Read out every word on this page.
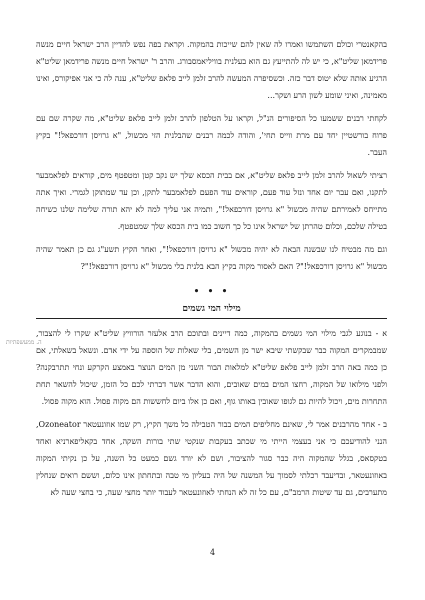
בהקאנטרי וכולם השתמשו ואמרו לה שאין להם שייכות בהמקוה. וקראת בפה נפש להדיין הרב ישראל חיים מנשה פרידמאן שליט"א, כי יש לה להתייעץ גם הוא בעלנית בוויליאמסבורג. והרב ר' ישראל חיים מנשה פרידמאן שליט"א הרגיע אותה שלא יטוס דבר כזה. וכשסיפרה המעשה להרב זלמן לייב פלאפ שליט"א, ענה לה כי אני אפיקורס, ואינו מאמינה, ואיני שומע לשון הרע ושקר...

לקחתי רבנים ששמעו כל הסיפורים הנ"ל, וקראו על הטלפון להרב זלמן לייב פלאפ שליט"א, מה שקרה שם עם פרוח בורשטיין יחד עם מרת ווייס תחי', והודה לכמה רבנים שהבלנית הזי מכשול, "א גרויסן דורכפאל!" בקיץ העבר.

רציתי לשאול להרב זלמן לייב פלאפ שליט"א, אם בבית הכסא שלך יש נקב קטן ומטפטף מים, קוראים לפלאמבער לתקנו, ואם עבר יום אחד ונזל עוד פעם, קוראים עוד הפעם לפלאמבער לתקן, וכן עד שמתוקן לגמרי. ואיך אתה מתייחס לאמירתם שהיה מכשול "א גרויסן דורכפאל!", ותמיה אני עליך למה לא יהא תורה שלימה שלנו כשיחה בטילה שלכם, וכלום טהרתן של ישראל אינו כל כך חשוב כמו בית הכסא שלך שמטפטף.

וגם מה מבטיח לנו שבשנה הבאה לא יהיה מכשול "א גרויסן דורכפאל!", ואחר הקיץ תשע"ג גם כן תאמר שהיה מכשול "א גרויסן דורכפאל!"? האם לאסור מקוה בקיץ הבא בלנית בלי מכשול "א גרויסן דורכפאל!"?

• • •
מילוי המי גשמים

א - בנוגע לגבי מילוי המי גשמים בהמקוה, כמה דיינים ובתוכם הרב אלעזר הורוויץ שליט"א שקרו לי להצבור, שמבמקרים המקוה כבר שבקשתי שיבא ישר מן השמים, בלי שאלות של הוספה על ידי אדם. ונשאל בשאלתי, אם כן כמה באה הרב זלמן לייב פלאפ שליט"א למלאות הבור השני מן המים הנוצר באמצע הקרקע ונחי תתרבקנה? ולפני מילואו של המקוה, רחצו המים במים שאובים, והוא הדבר אשר דברתי לכם כל הזמן, שיכול להשאר תחת התחרות מים, ויכול להיות גם לגופו שאובין באותו גוף, ואם כן אלו ביום לחששות הם מקוה פסול. הוא מקוה פסול.

ב - אחד מהרבנים אמר לי, שאינם מחליפים המים בבור הטבילה כל משך הקיץ, רק שמו אוזונעטאר Ozoneator, הנני להודיעכם כי אני בעצמי הייתי מי שכתב בעקבות שנקטי שתי בורות השקה, אחד בקאליפארניא ואחד בטקסאס, בגלל שהמקוה היה כבר סגור להציבור, ושם לא יורד גשם כמעט כל השנה, על כן נקיתי המקוה באוזונעטאר, ובדיעבד רכלתי לסמוך על המשנה של היה בעליון מי טבה ובתחתון אינו כלום, וששם רואים שנחלין מתערבים, גם עד שיטות הרמב"ם, עם כל זה לא הנחתי לאוזונעטאר לעבוד יותר מחצי שעה, כי בחצי שעה לא

ה. ממעשפתיות
4
